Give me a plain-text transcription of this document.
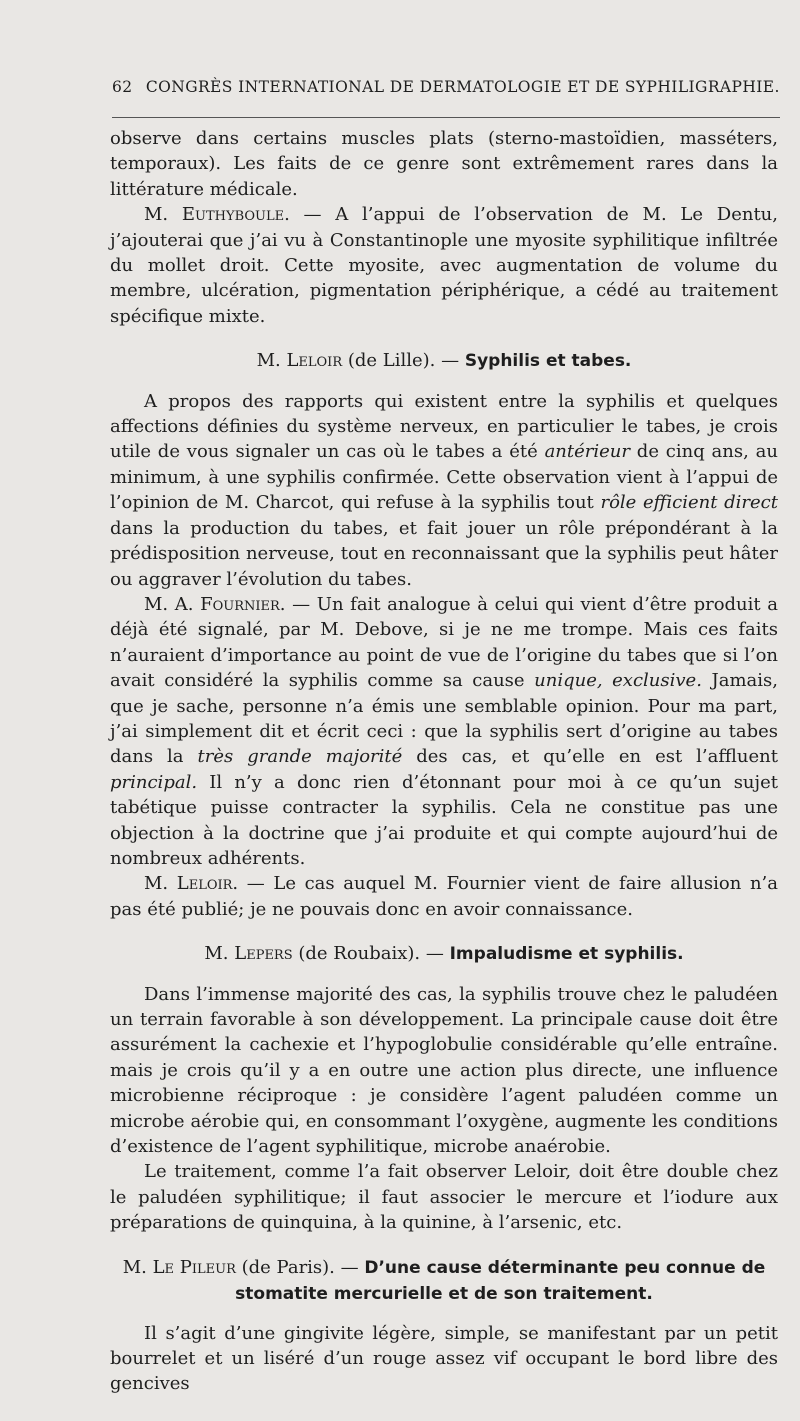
62 CONGRÈS INTERNATIONAL DE DERMATOLOGIE ET DE SYPHILIGRAPHIE.

observe dans certains muscles plats (sterno-mastoïdien, masséters, temporaux). Les faits de ce genre sont extrêmement rares dans la littérature médicale.

M. Euthyboule. — A l’appui de l’observation de M. Le Dentu, j’ajouterai que j’ai vu à Constantinople une myosite syphilitique infiltrée du mollet droit. Cette myosite, avec augmentation de volume du membre, ulcération, pigmentation périphérique, a cédé au traitement spécifique mixte.

M. Leloir (de Lille). — Syphilis et tabes.

A propos des rapports qui existent entre la syphilis et quelques affections définies du système nerveux, en particulier le tabes, je crois utile de vous signaler un cas où le tabes a été antérieur de cinq ans, au minimum, à une syphilis confirmée. Cette observation vient à l’appui de l’opinion de M. Charcot, qui refuse à la syphilis tout rôle efficient direct dans la production du tabes, et fait jouer un rôle prépondérant à la prédisposition nerveuse, tout en reconnaissant que la syphilis peut hâter ou aggraver l’évolution du tabes.

M. A. Fournier. — Un fait analogue à celui qui vient d’être produit a déjà été signalé, par M. Debove, si je ne me trompe. Mais ces faits n’auraient d’importance au point de vue de l’origine du tabes que si l’on avait considéré la syphilis comme sa cause unique, exclusive. Jamais, que je sache, personne n’a émis une semblable opinion. Pour ma part, j’ai simplement dit et écrit ceci : que la syphilis sert d’origine au tabes dans la très grande majorité des cas, et qu’elle en est l’affluent principal. Il n’y a donc rien d’étonnant pour moi à ce qu’un sujet tabétique puisse contracter la syphilis. Cela ne constitue pas une objection à la doctrine que j’ai produite et qui compte aujourd’hui de nombreux adhérents.

M. Leloir. — Le cas auquel M. Fournier vient de faire allusion n’a pas été publié; je ne pouvais donc en avoir connaissance.

M. Lepers (de Roubaix). — Impaludisme et syphilis.

Dans l’immense majorité des cas, la syphilis trouve chez le paludéen un terrain favorable à son développement. La principale cause doit être assurément la cachexie et l’hypoglobulie considérable qu’elle entraîne. mais je crois qu’il y a en outre une action plus directe, une influence microbienne réciproque : je considère l’agent paludéen comme un microbe aérobie qui, en consommant l’oxygène, augmente les conditions d’existence de l’agent syphilitique, microbe anaérobie.

Le traitement, comme l’a fait observer Leloir, doit être double chez le paludéen syphilitique; il faut associer le mercure et l’iodure aux préparations de quinquina, à la quinine, à l’arsenic, etc.

M. Le Pileur (de Paris). — D’une cause déterminante peu connue de stomatite mercurielle et de son traitement.

Il s’agit d’une gingivite légère, simple, se manifestant par un petit bourrelet et un liséré d’un rouge assez vif occupant le bord libre des gencives
